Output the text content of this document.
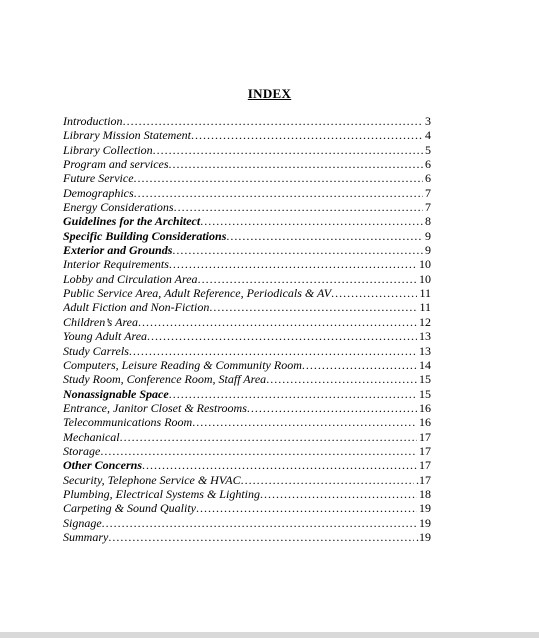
INDEX
Introduction .....	3
Library Mission Statement .....	4
Library Collection .....	5
Program and services .....	6
Future Service .....	6
Demographics .....	7
Energy Considerations .....	7
Guidelines for the Architect .....	8
Specific Building Considerations .....	9
Exterior and Grounds .....	9
Interior Requirements .....	10
Lobby and Circulation Area .....	10
Public Service Area, Adult Reference, Periodicals & AV .....	11
Adult Fiction and Non-Fiction .....	11
Children’s Area .....	12
Young Adult Area .....	13
Study Carrels .....	13
Computers, Leisure Reading & Community Room .....	14
Study Room, Conference Room, Staff Area .....	15
Nonassignable Space .....	15
Entrance, Janitor Closet & Restrooms .....	16
Telecommunications Room .....	16
Mechanical .....	17
Storage .....	17
Other Concerns .....	17
Security, Telephone Service & HVAC .....	.17
Plumbing, Electrical Systems & Lighting .....	18
Carpeting & Sound Quality .....	19
Signage .....	19
Summary .....	.19
